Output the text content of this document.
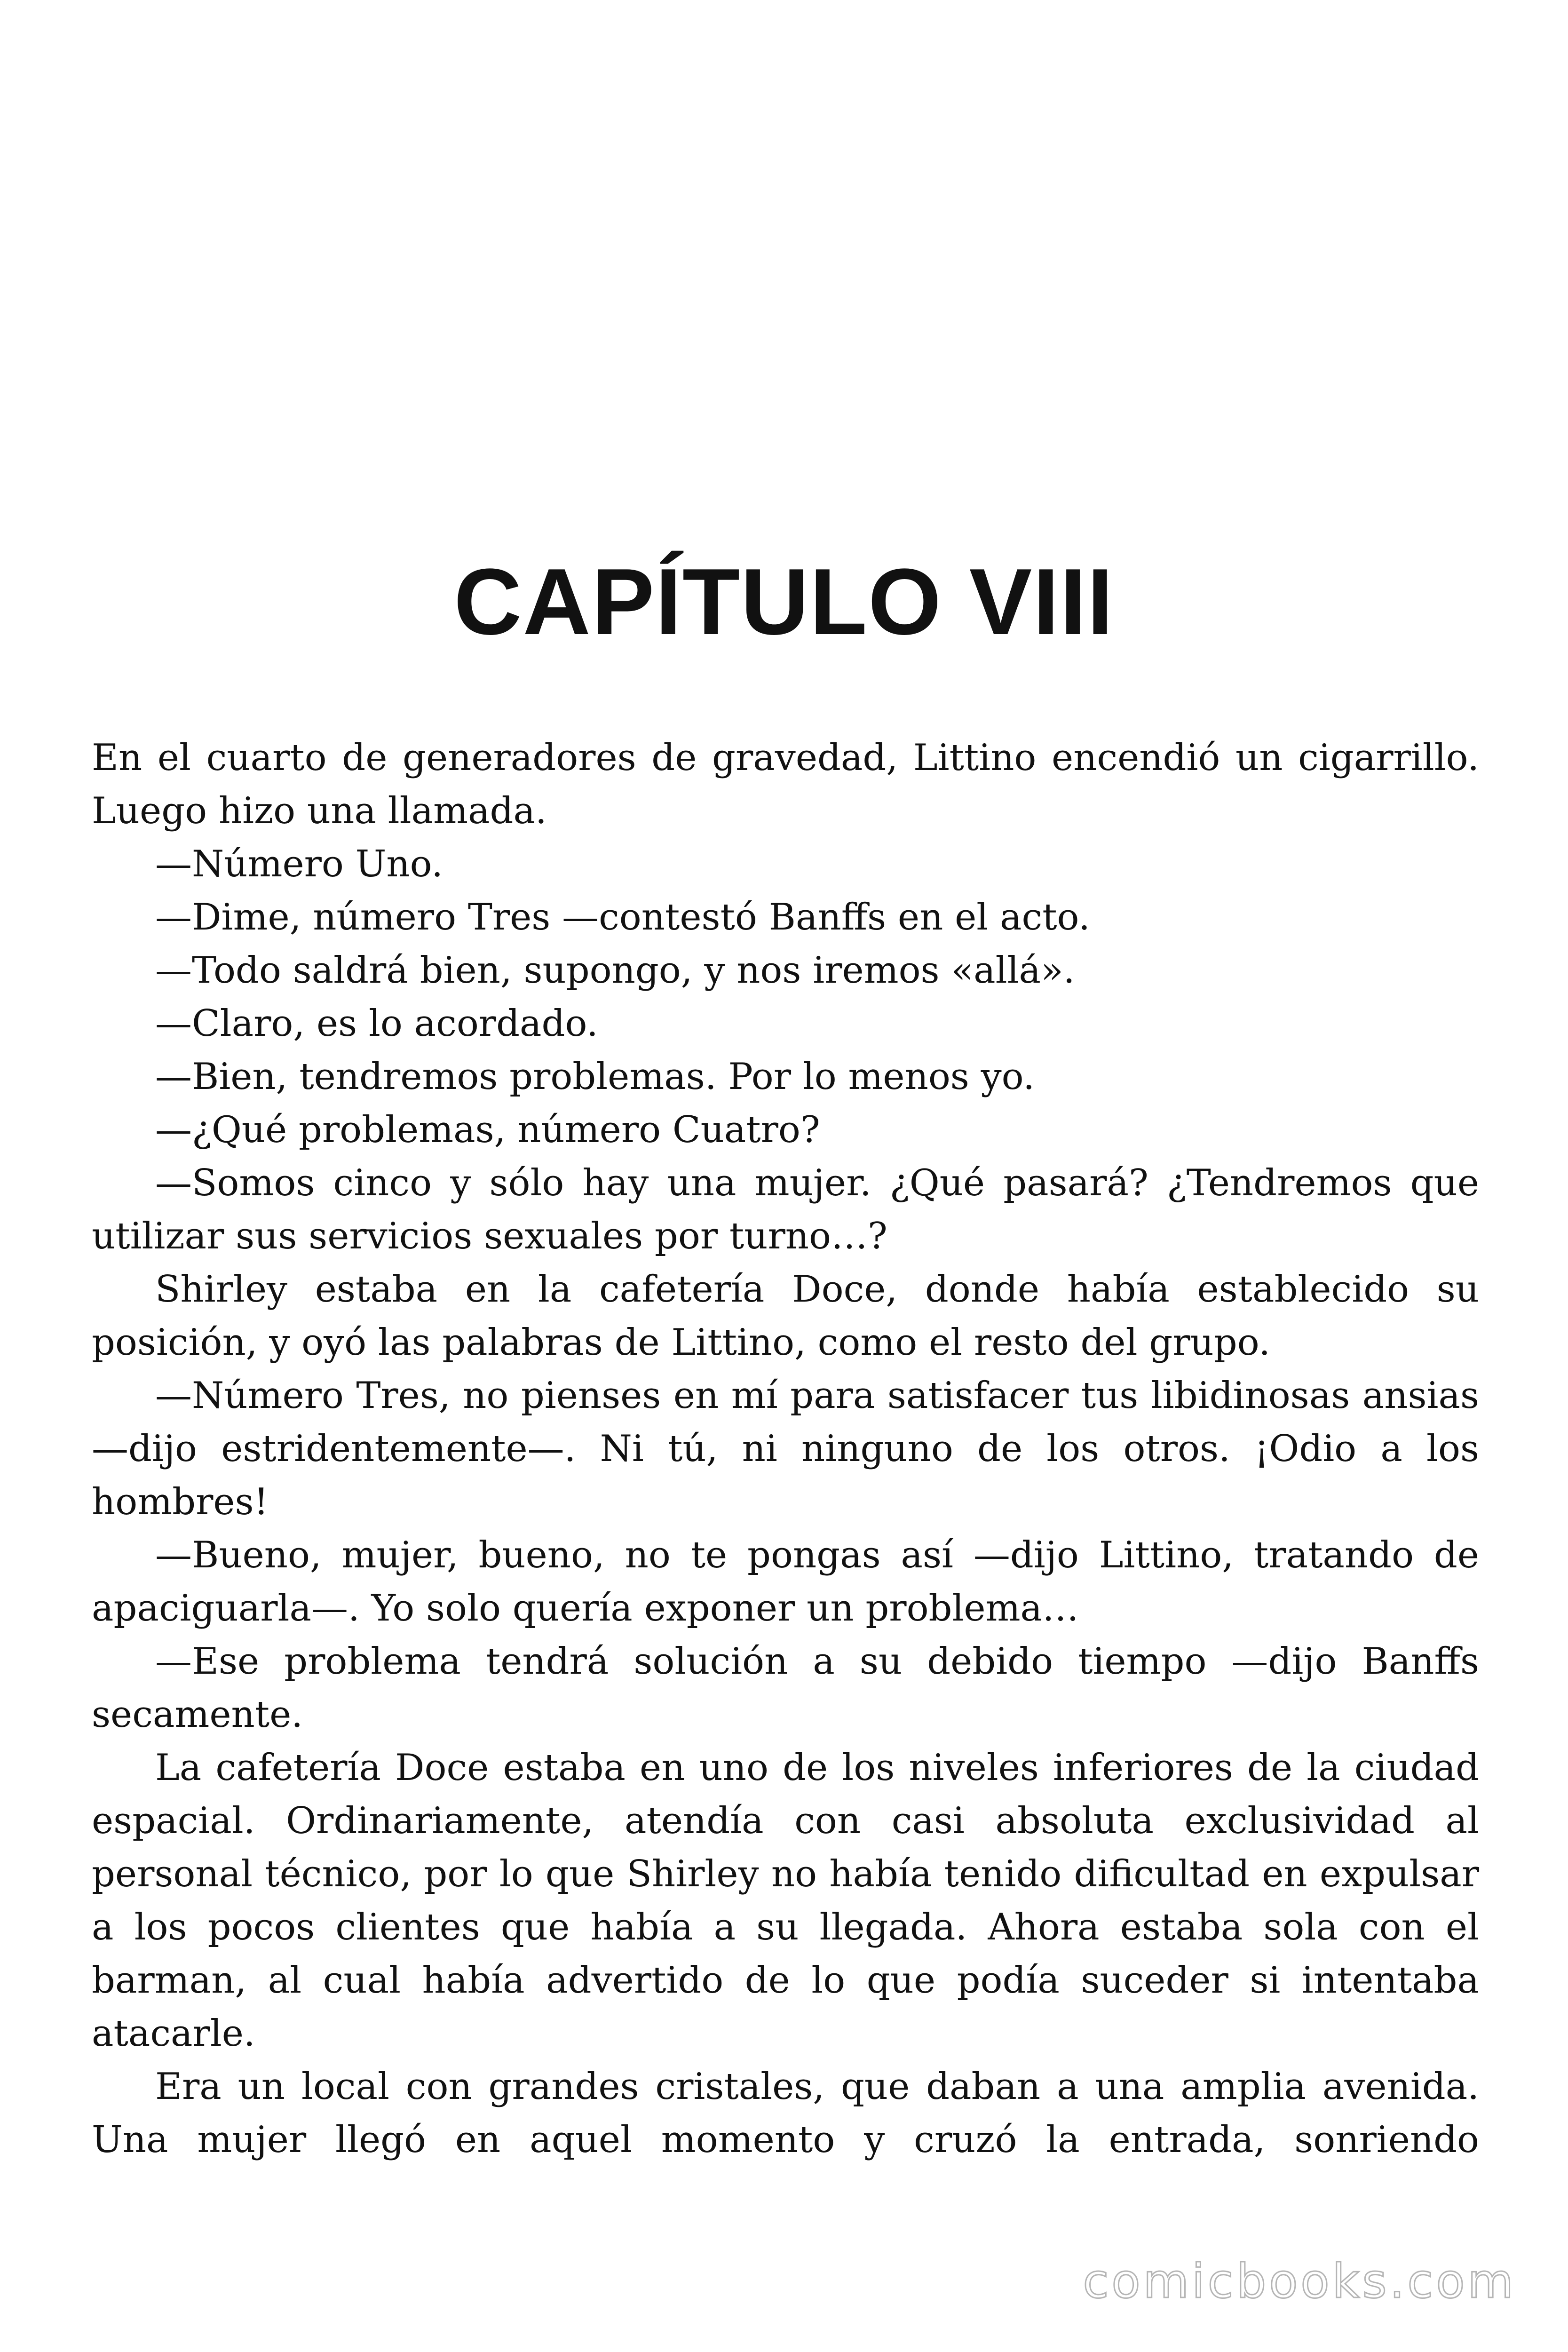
CAPÍTULO VIII

En el cuarto de generadores de gravedad, Littino encendió un cigarrillo. Luego hizo una llamada.

—Número Uno.

—Dime, número Tres —contestó Banffs en el acto.

—Todo saldrá bien, supongo, y nos iremos «allá».

—Claro, es lo acordado.

—Bien, tendremos problemas. Por lo menos yo.

—¿Qué problemas, número Cuatro?

—Somos cinco y sólo hay una mujer. ¿Qué pasará? ¿Tendremos que utilizar sus servicios sexuales por turno…?

Shirley estaba en la cafetería Doce, donde había establecido su posición, y oyó las palabras de Littino, como el resto del grupo.

—Número Tres, no pienses en mí para satisfacer tus libidinosas ansias —dijo estridentemente—. Ni tú, ni ninguno de los otros. ¡Odio a los hombres!

—Bueno, mujer, bueno, no te pongas así —dijo Littino, tratando de apaciguarla—. Yo solo quería exponer un problema…

—Ese problema tendrá solución a su debido tiempo —dijo Banffs secamente.

La cafetería Doce estaba en uno de los niveles inferiores de la ciudad espacial. Ordinariamente, atendía con casi absoluta exclusividad al personal técnico, por lo que Shirley no había tenido dificultad en expulsar a los pocos clientes que había a su llegada. Ahora estaba sola con el barman, al cual había advertido de lo que podía suceder si intentaba atacarle.

Era un local con grandes cristales, que daban a una amplia avenida. Una mujer llegó en aquel momento y cruzó la entrada, sonriendo

comicbooks.com
